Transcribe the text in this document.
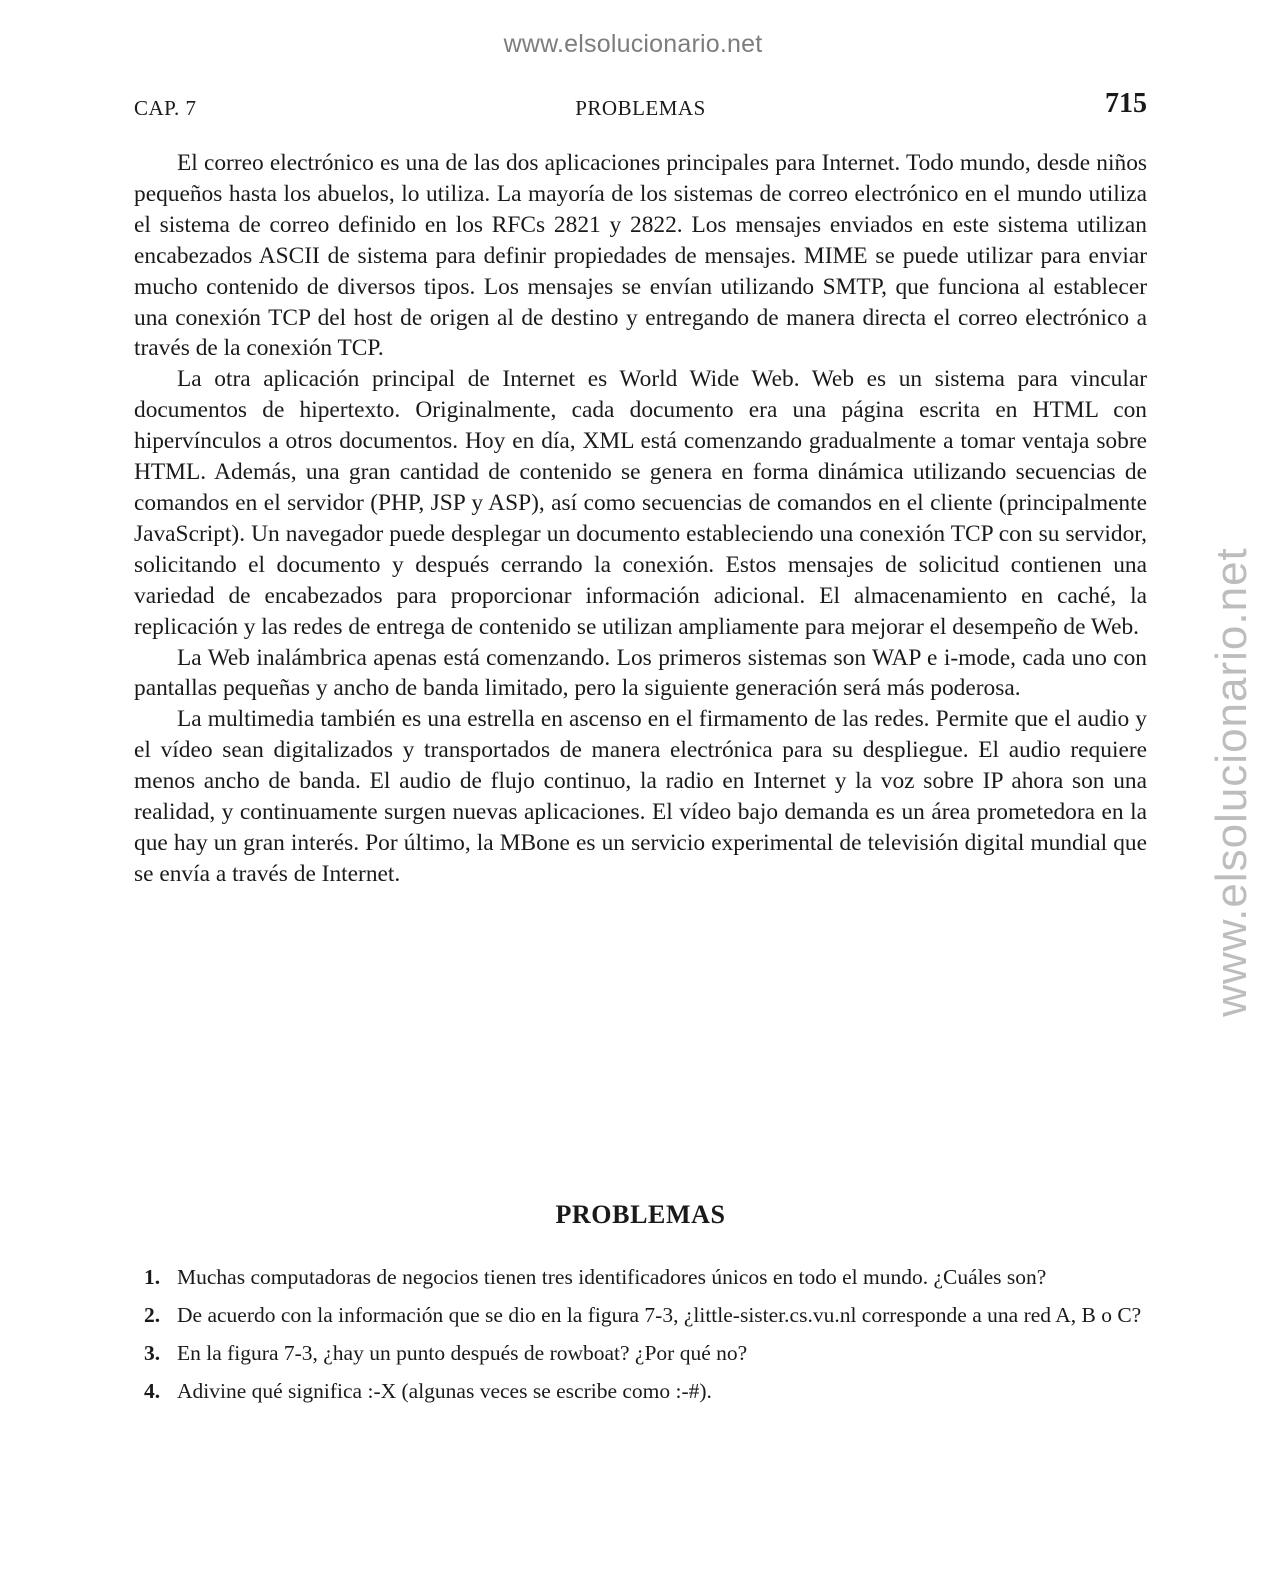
www.elsolucionario.net
www.elsolucionario.net
CAP. 7	PROBLEMAS	715

El correo electrónico es una de las dos aplicaciones principales para Internet. Todo mundo, desde niños pequeños hasta los abuelos, lo utiliza. La mayoría de los sistemas de correo electrónico en el mundo utiliza el sistema de correo definido en los RFCs 2821 y 2822. Los mensajes enviados en este sistema utilizan encabezados ASCII de sistema para definir propiedades de mensajes. MIME se puede utilizar para enviar mucho contenido de diversos tipos. Los mensajes se envían utilizando SMTP, que funciona al establecer una conexión TCP del host de origen al de destino y entregando de manera directa el correo electrónico a través de la conexión TCP.

La otra aplicación principal de Internet es World Wide Web. Web es un sistema para vincular documentos de hipertexto. Originalmente, cada documento era una página escrita en HTML con hipervínculos a otros documentos. Hoy en día, XML está comenzando gradualmente a tomar ventaja sobre HTML. Además, una gran cantidad de contenido se genera en forma dinámica utilizando secuencias de comandos en el servidor (PHP, JSP y ASP), así como secuencias de comandos en el cliente (principalmente JavaScript). Un navegador puede desplegar un documento estableciendo una conexión TCP con su servidor, solicitando el documento y después cerrando la conexión. Estos mensajes de solicitud contienen una variedad de encabezados para proporcionar información adicional. El almacenamiento en caché, la replicación y las redes de entrega de contenido se utilizan ampliamente para mejorar el desempeño de Web.

La Web inalámbrica apenas está comenzando. Los primeros sistemas son WAP e i-mode, cada uno con pantallas pequeñas y ancho de banda limitado, pero la siguiente generación será más poderosa.

La multimedia también es una estrella en ascenso en el firmamento de las redes. Permite que el audio y el vídeo sean digitalizados y transportados de manera electrónica para su despliegue. El audio requiere menos ancho de banda. El audio de flujo continuo, la radio en Internet y la voz sobre IP ahora son una realidad, y continuamente surgen nuevas aplicaciones. El vídeo bajo demanda es un área prometedora en la que hay un gran interés. Por último, la MBone es un servicio experimental de televisión digital mundial que se envía a través de Internet.

PROBLEMAS
1. Muchas computadoras de negocios tienen tres identificadores únicos en todo el mundo. ¿Cuáles son?
2. De acuerdo con la información que se dio en la figura 7-3, ¿little-sister.cs.vu.nl corresponde a una red A, B o C?
3. En la figura 7-3, ¿hay un punto después de rowboat? ¿Por qué no?
4. Adivine qué significa :-X (algunas veces se escribe como :-#).
